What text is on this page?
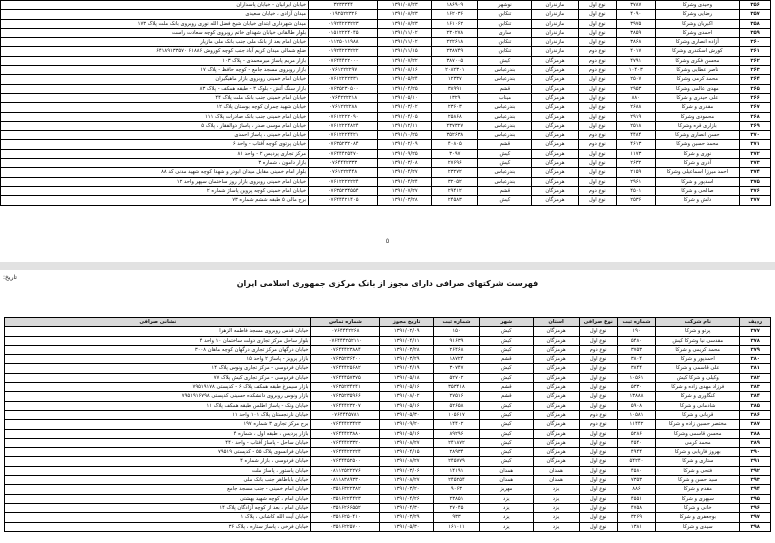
۳۵۶	وحیدی وشرکا	۳۷۸۷	نوع اول	مازندران	نوشهر	۱۸۶۹۰۹	۱۳۹۱/۰۸/۲۳	۳۲۳۳۳۴۴	خیابان ایرانیان - خیابان پاسداران
۳۵۷	رضایی وشرکا	۴۰۹۰	نوع اول	مازندران	تنکابن	۱۶۲۰۳۶	۱۳۹۱/۰۸/۲۳	۰۱۹۲۵۲۲۳۲۶	میدان آزادی ، خیابان سعیدی
۳۵۸	اکبریان وشرکا	۳۹۷۵	نوع اول	مازندران	تنکابن	۱۶۱۰۶۲	۱۳۹۱/۰۸/۲۳	۰۱۹۲۴۲۲۳۲۲۳	میدان شهرداری ابتدای خیابان شیخ فضل الله نوری روبروی بانک ملت پلاک ۱۷۳
۳۵۹	احمدی وشرکا	۳۸۵۹	نوع اول	مازندران	ساری	۲۳۰۲۷۸	۱۳۹۱/۱۱/۰۲	۰۱۵۱۲۲۲۴۰۴۵	بلوار طالقانی خیابان شهدای خاتم روبروی کوچه سعادت راست
۳۶۰	آزاده انصاری وشرکا	۳۸۶۸	نوع اول	مازندران	تنکابن	۲۲۲۶۱۸	۱۳۹۱/۱۱/۰۲	۰۱۱۲۵۰۱۱۹۸۸	خیابان امام بعد از بانک ملی جنب بانک ملی مازیار
۳۶۱	کورش اسکندری وشرکا	۴۰۱۷	نوع دوم	مازندران	تنکابن	۲۳۸۷۴۹	۱۳۹۱/۱۱/۱۵	۰۱۹۲۴۲۲۳۲۲۲	ضلع شمالی میدان کریم آباد جنب کوچه کوروش ۶۱۸۸۶ ۶۴۱۸۹۱۳۳۵۷۰
۳۶۲	محسن فکری وشرکا	۴۷۹۱	نوع دوم	هرمزگان	کیش	۳۸۷۰۰۵	۱۳۹۱/۰۷/۲۲	۰۷۶۴۴۴۲۲۰۰۰	بازار مریم پاساژ میرمحمدی - پلاک ۱۰۳
۳۶۳	ناصر عطایی وشرکا	۱۰۴۰۳	نوع دوم	هرمزگان	بندرعباس	۲۰۸۲۳۰۱	۱۳۹۱/۰۸/۱۶	۰۷۶۱۲۲۲۲۹۷	بازار روبروی مسجد جامع - کوچه حافظ - پلاک ۱۷
۳۶۴	محمد کرمی وشرکا	۲۵۰۷	نوع اول	هرمزگان	بندرعباس	۱۲۳۳۷	۱۳۹۱/۰۵/۲۴	۰۷۶۱۲۲۲۲۳۳۱	خیابان امام خمینی روبروی بازار ماهیگیران
۳۶۵	مهدی عالمی وشرکا	۲۹۵۳	نوع اول	هرمزگان	قشم	۳۸۹۹۱	۱۳۹۱/۰۴/۲۵	۰۷۶۳۵۲۳۰۵۰۰	بازار سنگ آتش - بلوک ۳ - طبقه همکف - پلاک ۸۳
۳۶۶	علی حیدری و شرکا	۸۸۰	نوع اول	هرمزگان	میناب	۱۳۲۹	۱۳۹۱/۰۵/۱۰	۰۷۶۴۲۲۲۲۱۸	خیابان امام خمینی جنب بانک ملت پلاک ۴۴
۳۶۷	مقدری و شرکا	۲۶۸۸	نوع اول	هرمزگان	بندرعباس	۲۳۶۰۳	۱۳۹۱/۰۳/۰۲	۰۷۶۱۲۲۲۲۸۸	خیابان شهید چمران کوچه بوستان پلاک ۱۲
۳۶۸	محمودی وشرکا	۲۹۱۹	نوع اول	هرمزگان	بندرعباس	۲۵۸۶۸	۱۳۹۱/۰۴/۰۵	۰۷۶۱۲۲۲۲۰۹۰	خیابان امام خمینی جنب بانک صادرات پلاک ۱۱۱
۳۶۹	بازاری قره وشرکا	۲۵۱۸	نوع اول	هرمزگان	بندرعباس	۲۳۷۳۲۷	۱۳۹۱/۱۲/۱۱	۰۷۶۱۲۲۲۴۸۲۴	خیابان امام موسی صدر ، پاساژ ذوالفقار ، پلاک ۵
۳۷۰	حسن انصاری وشرکا	۴۴۸۴	نوع دوم	هرمزگان	بندرعباس	۳۵۲۶۳۸	۱۳۹۱/۱۰/۲۵	۰۷۶۱۲۲۲۴۴۲۱	خیابان امام خمینی ، پاساژ احمدی
۳۷۱	محمد حسین وشرکا	۴۶۱۳	نوع دوم	هرمزگان	قشم	۴۰۸۰۵	۱۳۹۱/۰۲/۰۹	۰۷۶۳۵۲۳۲۰۸۴	خیابان پرتوی کوچه آفتاب - واحد ۶
۳۷۲	نوری و شرکا	۱۱۷۳	نوع اول	هرمزگان	کیش	۳۰۹۷	۱۳۹۱/۰۹/۲۵	۰۷۶۴۴۴۲۵۴۷۰	مرکز تجاری پردیس ۲ - واحد ۸۱
۳۷۳	آذری و شرکا	۲۶۳۲	نوع اول	هرمزگان	کیش	۲۷۶۹۶	۱۳۹۱/۰۳/۰۸	۰۷۶۴۴۴۲۳۳۳	بازار دامون ، شماره ۳
۳۷۴	احمد میرزا اسماعیلی وشرکا	۲۱۵۹	نوع اول	هرمزگان	بندرعباس	۲۳۲۷۲	۱۳۹۱/۰۴/۲۷	۰۷۶۱۲۲۲۴۴۸	بلوار امام خمینی مقابل میدان ابوذر و شهدا کوچه شهید مدنی کد ۸۸
۳۷۵	اسدپور و شرکا	۲۹۶۱	نوع اول	هرمزگان	بندرعباس	۳۲۰۵۲	۱۳۹۱/۰۴/۲۴	۰۷۶۱۲۲۲۲۲۲۴	خیابان امام خمینی روبروی بازار روز ساختمان سپهر واحد ۱۲
۳۷۶	صالحی و شرکا	۴۵۰۱	نوع دوم	هرمزگان	قشم	۲۹۴۱۲	۱۳۹۱/۰۷/۲۷	۰۷۶۳۵۲۳۴۵۵۴	خیابان امام خمینی کوچه پروین پاساژ شماره ۲
۳۷۷	دلش و شرکا	۲۵۳۶	نوع اول	هرمزگان	کیش	۲۴۵۸۳	۱۳۹۱/۰۳/۲۸	۰۷۶۴۴۴۲۱۴۰۵	برج مالی ۵ طبقه ششم شماره ۷۳
٥
تاریخ:
فهرست شرکتهای صرافی دارای مجوز از بانک مرکزی جمهوری اسلامی ایران
ردیف	نام شرکت	شماره ثبت	نوع صرافی	استان	شهر	شماره ثبت	تاریخ مجوز	شماره تماس	نشانی صرافی
۳۷۷	پرتو و شرکا	۱۹۰	نوع اول	هرمزگان	کیش	۱۵۰	۱۳۹۱/۰۲/۰۹	۰۷۶۴۴۴۲۲۶۸	خیابان قدس روبروی مسجد فاطمه الزهرا
۳۷۸	مقدسی نیا وشرکا کیش	۵۴۸۰	نوع اول	هرمزگان	کیش	۹۱۶۳۹	۱۳۹۱/۰۴/۱۱	۰۷۶۴۴۴۲۵۲۱۱۰	بلوار ساحل مرکز تجاری دولت ساختمان ۱۰ واحد ۴
۳۷۹	محمد کریمی و شرکا	۳۷۵۳	نوع دوم	هرمزگان	کیش	۲۶۴۶۸	۱۳۹۱/۰۳/۲۸	۰۷۶۴۴۴۲۳۸۸۴	خیابان درگهان مرکز تجاری درگهان کوچه ماهان ۳۰۰۸
۳۸۰	احمدپور و شرکا	۳۸۰۴	نوع اول	هرمزگان	قشم	۱۸۷۲۴	۱۳۹۱/۰۳/۲۹	۰۷۶۳۵۲۳۶۴۰۰	بازار پرویز - پاساژ ۲ واحد ۱۵
۳۸۱	علی قاسمی و شرکا	۳۸۴۴	نوع اول	هرمزگان	کیش	۳۰۷۴۷	۱۳۹۱/۰۴/۱۹	۰۷۶۴۴۴۲۵۶۸۲	خیابان فردوسی - مرکز تجاری ونوس پلاک ۱۴
۳۸۲	وکیلی و شرکا کیش	۱۰۵۶۱	نوع اول	هرمزگان	کیش	۵۲۷۰۲	۱۳۹۱/۰۵/۱۸	۰۷۶۴۴۴۵۷۳۷۵	خیابان فردوسی - مرکز تجاری کیش پلاک ۷۷
۳۸۳	فرزاد مهدی زاده و شرکا	۵۳۳۰	نوع اول	هرمزگان	قشم	۳۵۳۴۱۸	۱۳۹۱/۰۵/۱۶	۰۷۶۳۵۲۳۴۲۴۱	بازار سیمرغ طبقه همکف پلاک ۶ - کدپستی ۷۹۵۱۹۱۷۸
۳۸۴	کنگاوری و شرکا	۱۳۸۸۸	نوع اول	هرمزگان	قشم	۲۷۵۱۶	۱۳۹۱/۰۸/۰۲	۰۷۶۳۵۲۳۵۹۶۶	بازار ونوس روبروی دانشکده حسینی کدپستی ۷۹۵۱۹۱۶۷۹۸
۳۸۵	شادمانی و شرکا	۵۹۰۸	نوع اول	هرمزگان	کیش	۵۲۶۵۸	۱۳۹۱/۰۵/۱۶	۰۷۶۴۴۴۲۳۲۰۷	خیابان ونک - پاساژ اطلس طبقه همکف پلاک ۱۱
۳۸۶	قربانی و شرکا	۱۰۵۸۱	نوع دوم	هرمزگان	کیش	۱۰۵۶۱۷	۱۳۹۱/۰۵/۳۰	۰۷۶۴۴۴۵۷۸۱	خیابان نارنجستان پلاک ۱۰۱ واحد ۱۱
۳۸۷	مختصر حسین زاده و شرکا	۱۱۴۴۲	نوع دوم	هرمزگان	کیش	۱۴۴۰۲	۱۳۹۱/۰۹/۲۰	۰۷۶۴۴۴۲۳۴۲۳	برج مرکز تجاری ۳ شماره ۱۹۷
۳۸۸	محسن قاسمی وشرکا	۵۲۸۶	نوع اول	هرمزگان	کیش	۸۹۲۹۶	۱۳۹۱/۰۵/۱۶	۰۷۶۴۴۴۲۳۸۸۰	بازار پردیس ، طبقه اول ، شماره ۴
۳۸۹	محمد کرمی	۴۵۴۰	نوع اول	هرمزگان	کیش	۲۴۱۸۷۲	۱۳۹۱/۰۸/۲۷	۰۷۶۴۴۴۲۳۳۲۰	خیابان ساحل - پاساژ آفتاب - واحد ۴۴۰
۳۹۰	بهروز فاریابی و شرکا	۴۹۴۴	نوع اول	هرمزگان	کیش	۲۸۹۳۴	۱۳۹۱/۰۴/۱۵	۰۷۶۴۴۴۲۲۲۲۴	خیابان فرانسوی پلاک ۵۵ - کدپستی ۷۹۵۱۹
۳۹۱	ستاری و شرکا	۵۴۲۴۰	نوع اول	هرمزگان	کیش	۲۴۵۷۷۹	۱۳۹۱/۰۸/۲۷	۰۷۶۴۴۴۵۲۵۰۰	خیابان فردوسی ، بازار شماره ۴
۳۹۲	فتحی و شرکا	۴۵۸۰	نوع اول	همدان	همدان	۱۴۱۹۱	۱۳۹۱/۰۳/۰۶	۰۸۱۱۲۵۲۲۲۷۶	خیابان پاستور ، پاساژ ملت
۳۹۳	سید حسن و شرکا	۷۳۵۳	نوع اول	همدان	همدان	۲۴۵۲۵۴	۱۳۹۱/۰۸/۲۷	۰۸۱۱۸۳۸۹۳۳۰	خیابان باباطاهر جنب بانک ملی
۳۹۴	مقدم و شرکا	۸۸۶	نوع اول	یزد	مهریز	۹۰۶۳	۱۳۹۱/۰۳/۲۰	۰۳۵۱۶۳۲۲۳۸۲	خیابان امام خمینی - جنب مسجد جامع
۳۹۵	سپهری و شرکا	۴۵۵۱	نوع اول	یزد	یزد	۲۳۸۵۱	۱۳۹۱/۰۴/۲۶	۰۳۵۱۶۲۲۴۴۲۳	خیابان امام ، کوچه شهید بهشتی
۳۹۶	خانی و شرکا	۴۷۵۸	نوع اول	یزد	یزد	۲۷۰۴۵	۱۳۹۱/۰۴/۳۰	۰۳۵۱۶۲۶۶۵۵۲	خیابان امام ، بعد از کوچه آزادگان پلاک ۱۴
۳۹۷	بوجعفری و شرکا	۳۲۶۹	نوع اول	یزد	یزد	۹۳۳	۱۳۹۱/۰۳/۲۹	۰۳۵۱۶۲۵۰۴۱۰	خیابان آیت الله کاشانی ، پلاک ۱
۳۹۸	سیدی و شرکا	۱۳۸۱	نوع اول	یزد	یزد	۱۶۱۰۱۱	۱۳۹۱/۰۵/۳۰	۰۳۵۱۶۲۲۵۷۰۰	خیابان فرخی ، پاساژ ستاره ، پلاک ۳۶
